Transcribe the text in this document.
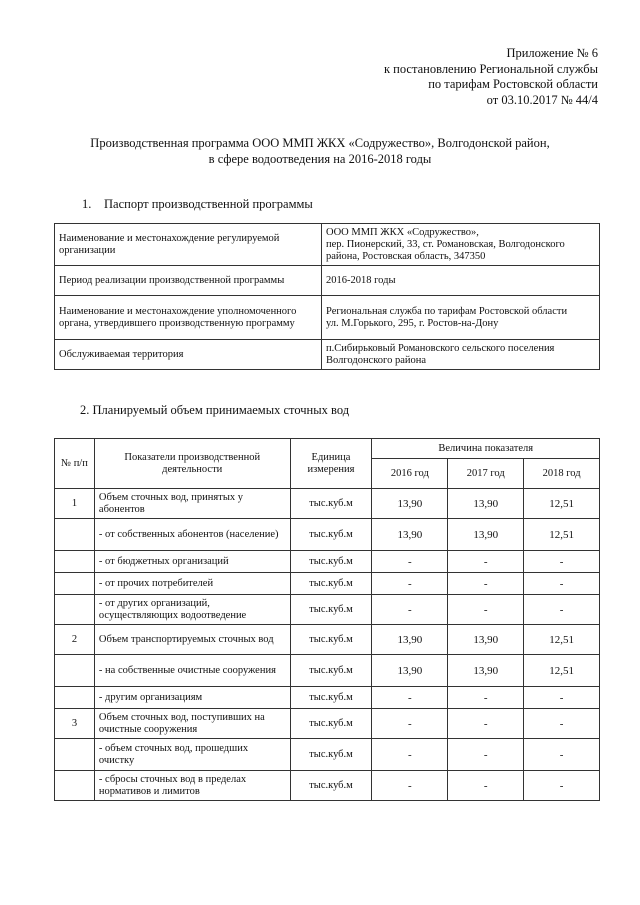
Приложение № 6
к постановлению Региональной службы
по тарифам Ростовской области
от 03.10.2017 № 44/4
Производственная программа ООО ММП ЖКХ «Содружество», Волгодонской район,
в сфере водоотведения на 2016-2018 годы
1. Паспорт производственной программы
Наименование и местонахождение регулируемой организации	ООО ММП ЖКХ «Содружество»,
пер. Пионерский, 33, ст. Романовская, Волгодонского района, Ростовская область, 347350

Период реализации производственной программы	2016-2018 годы
Наименование и местонахождение уполномоченного органа, утвердившего производственную программу	Региональная служба по тарифам Ростовской области
ул. М.Горького, 295, г. Ростов-на-Дону

Обслуживаемая территория	п.Сибирьковый Романовского сельского поселения Волгодонского района
2. Планируемый объем принимаемых сточных вод
№ п/п	Показатели производственной деятельности	Единица измерения	Величина показателя		
			2016 год	2017 год	2018 год
1	Объем сточных вод, принятых у абонентов	тыс.куб.м	13,90	13,90	12,51
	- от собственных абонентов (население)	тыс.куб.м	13,90	13,90	12,51
	- от бюджетных организаций	тыс.куб.м	-	-	-
	- от прочих потребителей	тыс.куб.м	-	-	-
	- от других организаций, осуществляющих водоотведение	тыс.куб.м	-	-	-
2	Объем транспортируемых сточных вод	тыс.куб.м	13,90	13,90	12,51
	- на собственные очистные сооружения	тыс.куб.м	13,90	13,90	12,51
	- другим организациям	тыс.куб.м	-	-	-
3	Объем сточных вод, поступивших на очистные сооружения	тыс.куб.м	-	-	-
	- объем сточных вод, прошедших очистку	тыс.куб.м	-	-	-
	- сбросы сточных вод в пределах нормативов и лимитов	тыс.куб.м	-	-	-
